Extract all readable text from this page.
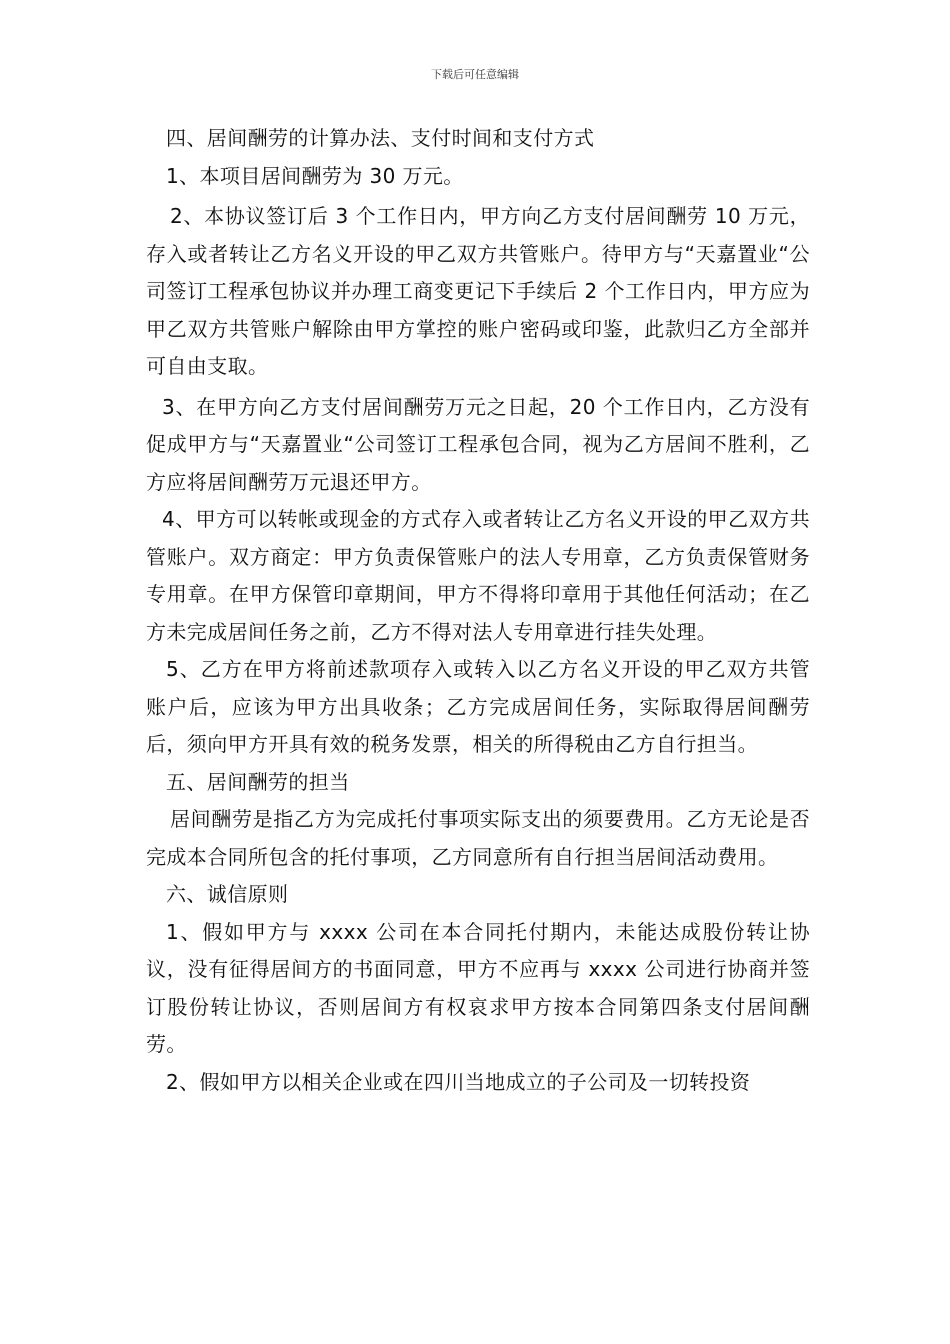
下载后可任意编辑

四、居间酬劳的计算办法、支付时间和支付方式

1、本项目居间酬劳为 30 万元。

2、本协议签订后 3 个工作日内，甲方向乙方支付居间酬劳 10 万元，存入或者转让乙方名义开设的甲乙双方共管账户。待甲方与“天嘉置业“公司签订工程承包协议并办理工商变更记下手续后 2 个工作日内，甲方应为甲乙双方共管账户解除由甲方掌控的账户密码或印鉴，此款归乙方全部并可自由支取。

3、在甲方向乙方支付居间酬劳万元之日起，20 个工作日内，乙方没有促成甲方与“天嘉置业“公司签订工程承包合同，视为乙方居间不胜利，乙方应将居间酬劳万元退还甲方。

4、甲方可以转帐或现金的方式存入或者转让乙方名义开设的甲乙双方共管账户。双方商定：甲方负责保管账户的法人专用章，乙方负责保管财务专用章。在甲方保管印章期间，甲方不得将印章用于其他任何活动；在乙方未完成居间任务之前，乙方不得对法人专用章进行挂失处理。

5、乙方在甲方将前述款项存入或转入以乙方名义开设的甲乙双方共管账户后，应该为甲方出具收条；乙方完成居间任务，实际取得居间酬劳后，须向甲方开具有效的税务发票，相关的所得税由乙方自行担当。

五、居间酬劳的担当

居间酬劳是指乙方为完成托付事项实际支出的须要费用。乙方无论是否完成本合同所包含的托付事项，乙方同意所有自行担当居间活动费用。

六、诚信原则

1、假如甲方与 xxxx 公司在本合同托付期内，未能达成股份转让协议，没有征得居间方的书面同意，甲方不应再与 xxxx 公司进行协商并签订股份转让协议，否则居间方有权哀求甲方按本合同第四条支付居间酬劳。

2、假如甲方以相关企业或在四川当地成立的子公司及一切转投资
